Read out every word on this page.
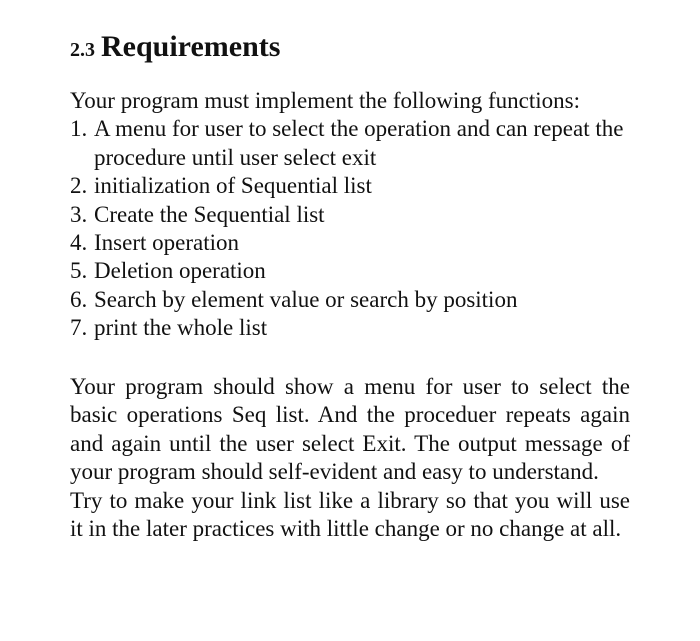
2.3 Requirements
Your program must implement the following functions:
1. A menu for user to select the operation and can repeat the procedure until user select exit
2. initialization of Sequential list
3. Create the Sequential list
4. Insert operation
5. Deletion operation
6. Search by element value or search by position
7. print the whole list
Your program should show a menu for user to select the basic operations Seq list. And the proceduer repeats again and again until the user select Exit. The output message of your program should self-evident and easy to understand.
Try to make your link list like a library so that you will use it in the later practices with little change or no change at all.
